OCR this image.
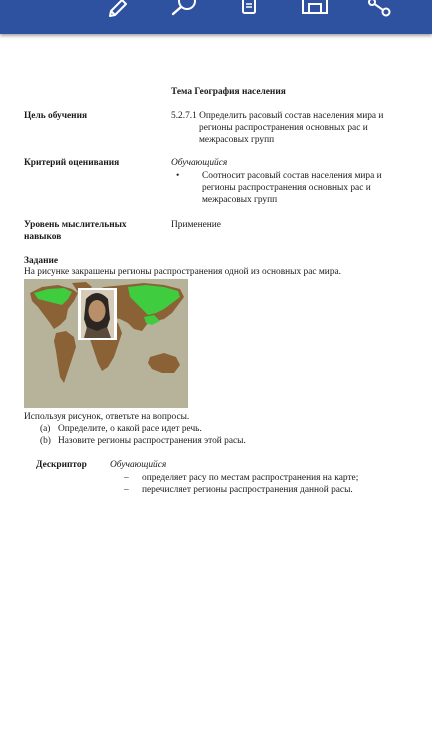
Тема География населения
Цель обучения	5.2.7.1 Определить расовый состав населения мира и
регионы распространения основных рас и
межрасовых групп
Критерий оценивания	Обучающийся
• Соотносит расовый состав населения мира и
регионы распространения основных рас и
межрасовых групп
Уровень мыслительных
навыков
Применение
Задание
На рисунке закрашены регионы распространения одной из основных рас мира.
Используя рисунок, ответьте на вопросы.
(a) Определите, о какой расе идет речь.
(b) Назовите регионы распространения этой расы.
Дескриптор Обучающийся
– определяет расу по местам распространения на карте;
– перечисляет регионы распространения данной расы.
